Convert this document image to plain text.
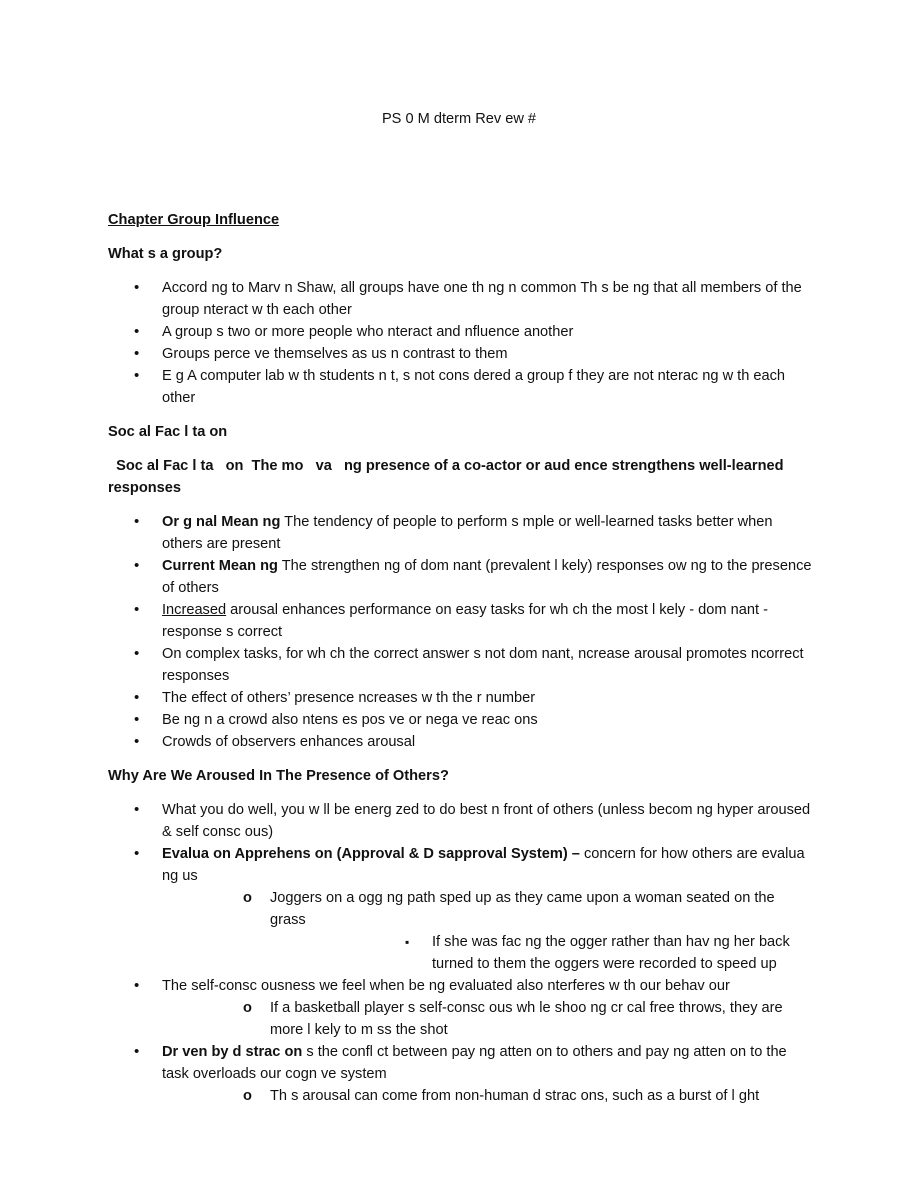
PS 0 M dterm Rev ew #
Chapter Group Influence
What s a group?
• Accord ng to Marv n Shaw, all groups have one th ng n common Th s be ng that all members of the group nteract w th each other
• A group s two or more people who nteract and nfluence another
• Groups perce ve themselves as us n contrast to them
• E g A computer lab w th students n t, s not cons dered a group f they are not nterac ng w th each other
Soc al Fac l ta on
Soc al Fac l ta   on  The mo   va   ng presence of a co-actor or aud ence strengthens well-learned responses
• Or g nal Mean ng The tendency of people to perform s mple or well-learned tasks better when others are present
• Current Mean ng The strengthen ng of dom nant (prevalent l kely) responses ow ng to the presence of others
• Increased arousal enhances performance on easy tasks for wh ch the most l kely - dom nant - response s correct
• On complex tasks, for wh ch the correct answer s not dom nant, ncrease arousal promotes ncorrect responses
• The effect of others’ presence ncreases w th the r number
• Be ng n a crowd also ntens es pos ve or nega ve reac ons
• Crowds of observers enhances arousal
Why Are We Aroused In The Presence of Others?
• What you do well, you w ll be energ zed to do best n front of others (unless becom ng hyper aroused & self consc ous)
• Evalua on Apprehens on (Approval & D sapproval System) – concern for how others are evalua ng us
o Joggers on a ogg ng path sped up as they came upon a woman seated on the grass
▪ If she was fac ng the ogger rather than hav ng her back turned to them the oggers were recorded to speed up
• The self-consc ousness we feel when be ng evaluated also nterferes w th our behav our
o If a basketball player s self-consc ous wh le shoo ng cr cal free throws, they are more l kely to m ss the shot
• Dr ven by d strac on s the confl ct between pay ng atten on to others and pay ng atten on to the task overloads our cogn ve system
o Th s arousal can come from non-human d strac ons, such as a burst of l ght
